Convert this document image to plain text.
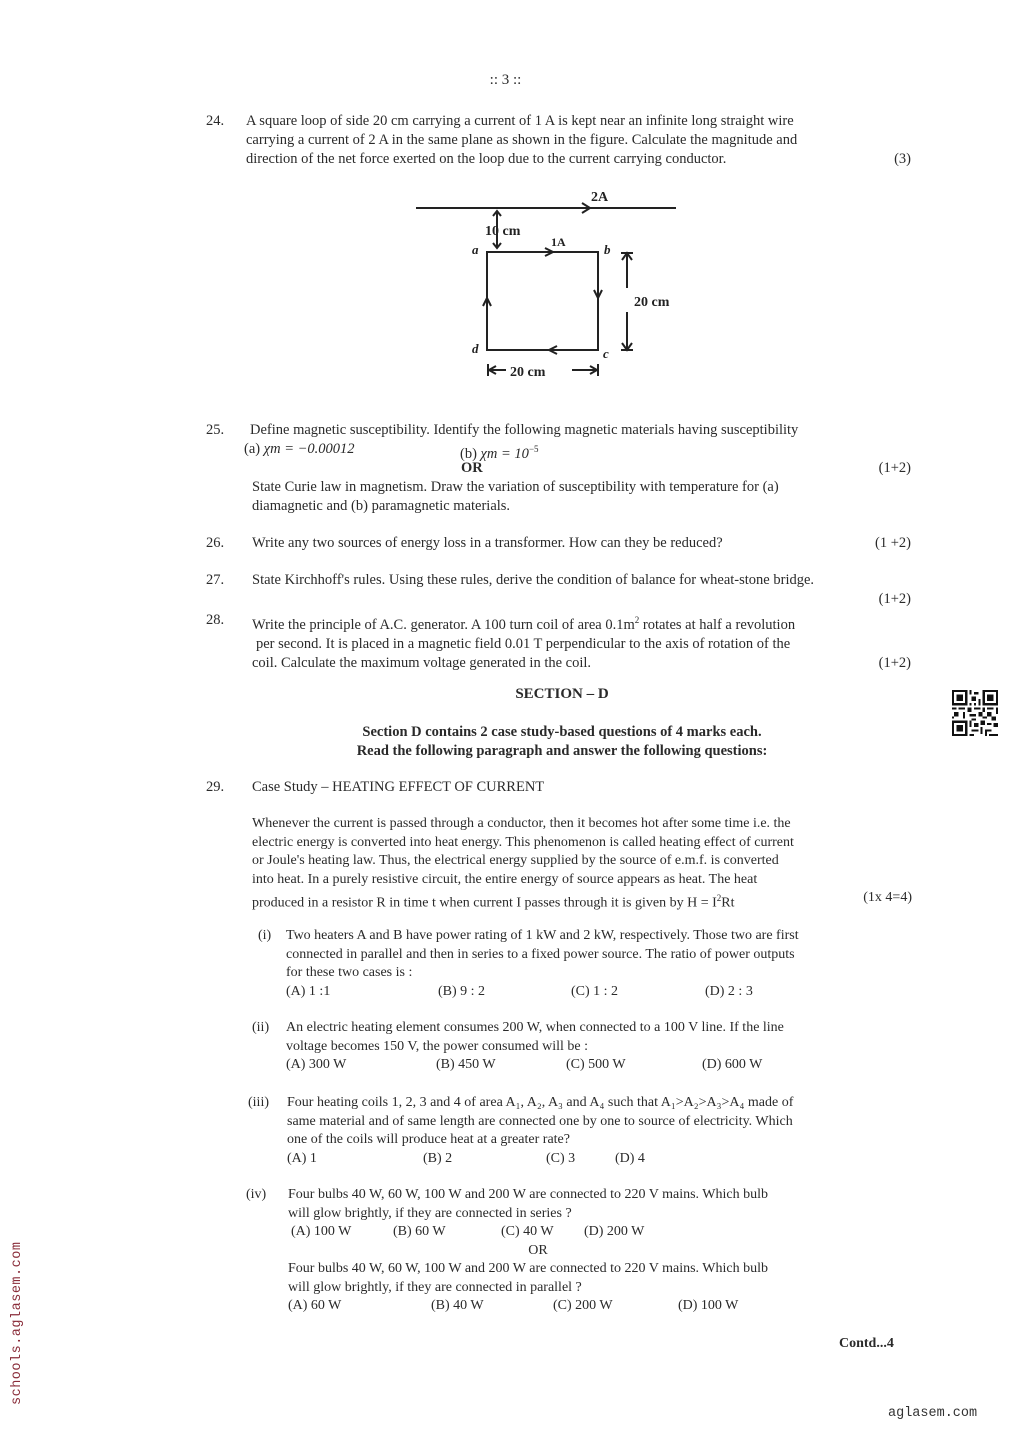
:: 3 ::
24.	A square loop of side 20 cm carrying a current of 1 A is kept near an infinite long straight wire
carrying a current of 2 A in the same plane as shown in the figure. Calculate the magnitude and
direction of the net force exerted on the loop due to the current carrying conductor.	(3)
2A
10 cm
1A
20 cm
20 cm
a	b
c
d
25.	Define magnetic susceptibility. Identify the following magnetic materials having susceptibility
(a) χm = −0.00012	(b) $\chi m = 10^{-5}$
OR	(1+2)
State Curie law in magnetism. Draw the variation of susceptibility with temperature for (a)
diamagnetic and (b) paramagnetic materials.
26.	Write any two sources of energy loss in a transformer. How can they be reduced?	(1 +2)
27.	State Kirchhoff's rules. Using these rules, derive the condition of balance for wheat-stone bridge.
(1+2)
28.	Write the principle of A.C. generator. A 100 turn coil of area $0.1m^2$ rotates at half a revolution
per second. It is placed in a magnetic field 0.01 T perpendicular to the axis of rotation of the
coil. Calculate the maximum voltage generated in the coil.	(1+2)
SECTION – D
Section D contains 2 case study-based questions of 4 marks each.
Read the following paragraph and answer the following questions:
29.	Case Study – HEATING EFFECT OF CURRENT
Whenever the current is passed through a conductor, then it becomes hot after some time i.e. the
electric energy is converted into heat energy. This phenomenon is called heating effect of current
or Joule's heating law. Thus, the electrical energy supplied by the source of e.m.f. is converted
into heat. In a purely resistive circuit, the entire energy of source appears as heat. The heat
produced in a resistor R in time t when current I passes through it is given by $H = I^2Rt$	(1x 4=4)
(i) Two heaters A and B have power rating of 1 kW and 2 kW, respectively. Those two are first
connected in parallel and then in series to a fixed power source. The ratio of power outputs
for these two cases is :
(A) 1 :1	(B) 9 : 2	(C) 1 : 2	(D) 2 : 3
(ii) An electric heating element consumes 200 W, when connected to a 100 V line. If the line
voltage becomes 150 V, the power consumed will be :
(A) 300 W	(B) 450 W	(C) 500 W	(D) 600 W
(iii) Four heating coils 1, 2, 3 and 4 of area A₁, A₂, A₃ and A₄ such that A₁>A₂>A₃>A₄ made of
same material and of same length are connected one by one to source of electricity. Which
one of the coils will produce heat at a greater rate?
(A) 1	(B) 2	(C) 3	(D) 4
(iv) Four bulbs 40 W, 60 W, 100 W and 200 W are connected to 220 V mains. Which bulb
will glow brightly, if they are connected in series ?
(A) 100 W	(B) 60 W	(C) 40 W	(D) 200 W
OR
Four bulbs 40 W, 60 W, 100 W and 200 W are connected to 220 V mains. Which bulb
will glow brightly, if they are connected in parallel ?
(A) 60 W	(B) 40 W	(C) 200 W	(D) 100 W
Contd...4
schools.aglasem.com
aglasem.com
